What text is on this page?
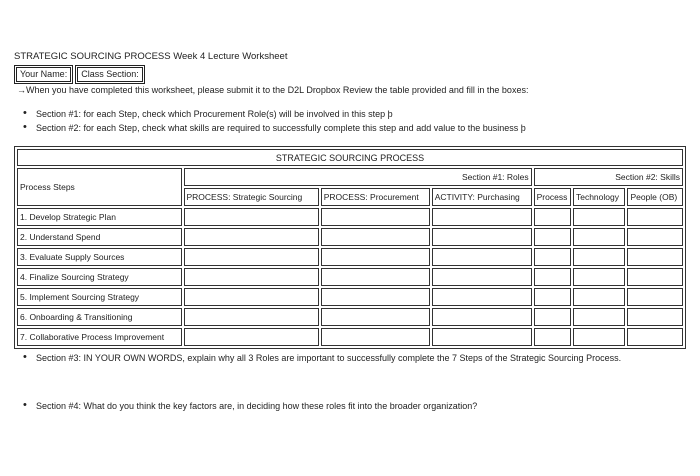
STRATEGIC SOURCING PROCESS Week 4 Lecture Worksheet
Your Name:	Class Section:
→When you have completed this worksheet, please submit it to the D2L Dropbox Review the table provided and fill in the boxes:
• Section #1: for each Step, check which Procurement Role(s) will be involved in this step þ
• Section #2: for each Step, check what skills are required to successfully complete this step and add value to the business þ
STRATEGIC SOURCING PROCESS						
Process Steps	Section #1: Roles			Section #2: Skills		
	PROCESS: Strategic Sourcing	PROCESS: Procurement	ACTIVITY: Purchasing	Process	Technology	People (OB)
1. Develop Strategic Plan						
2. Understand Spend						
3. Evaluate Supply Sources						
4. Finalize Sourcing Strategy						
5. Implement Sourcing Strategy						
6. Onboarding & Transitioning						
7. Collaborative Process Improvement						
• Section #3: IN YOUR OWN WORDS, explain why all 3 Roles are important to successfully complete the 7 Steps of the Strategic Sourcing Process.
• Section #4: What do you think the key factors are, in deciding how these roles fit into the broader organization?
